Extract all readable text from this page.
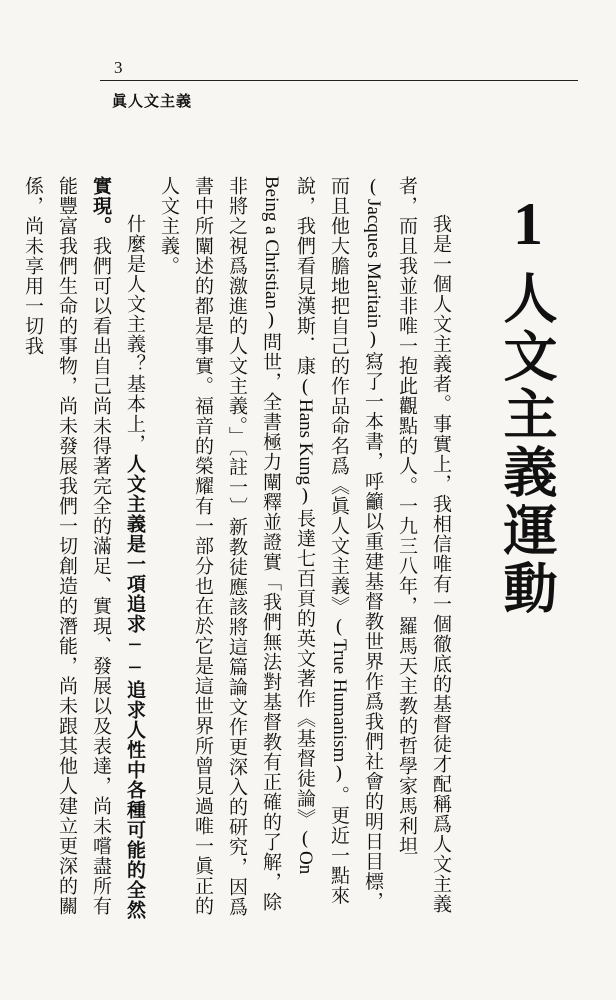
3
眞人文主義
1
人文主義運動

我是一個人文主義者。事實上，我相信唯有一個徹底的基督徒才配稱爲人文主義者，而且我並非唯一抱此觀點的人。一九三八年，羅馬天主教的哲學家馬利坦(Jacques Maritain)寫了一本書，呼籲以重建基督教世界作爲我們社會的明日目標，而且他大膽地把自己的作品命名爲《眞人文主義》(True Humanism)。更近一點來說，我們看見漢斯．康(Hans Kung)長達七百頁的英文著作《基督徒論》(On Being a Christian)問世，全書極力闡釋並證實「我們無法對基督教有正確的了解，除非將之視爲激進的人文主義。」〔註一〕新教徒應該將這篇論文作更深入的研究，因爲書中所闡述的都是事實。福音的榮耀有一部分也在於它是這世界所曾見過唯一眞正的人文主義。

什麼是人文主義？基本上，人文主義是一項追求──追求人性中各種可能的全然實現。我們可以看出自己尚未得著完全的滿足、實現、發展以及表達，尚未嚐盡所有能豐富我們生命的事物，尚未發展我們一切創造的潛能，尚未跟其他人建立更深的關係，尚未享用一切我
